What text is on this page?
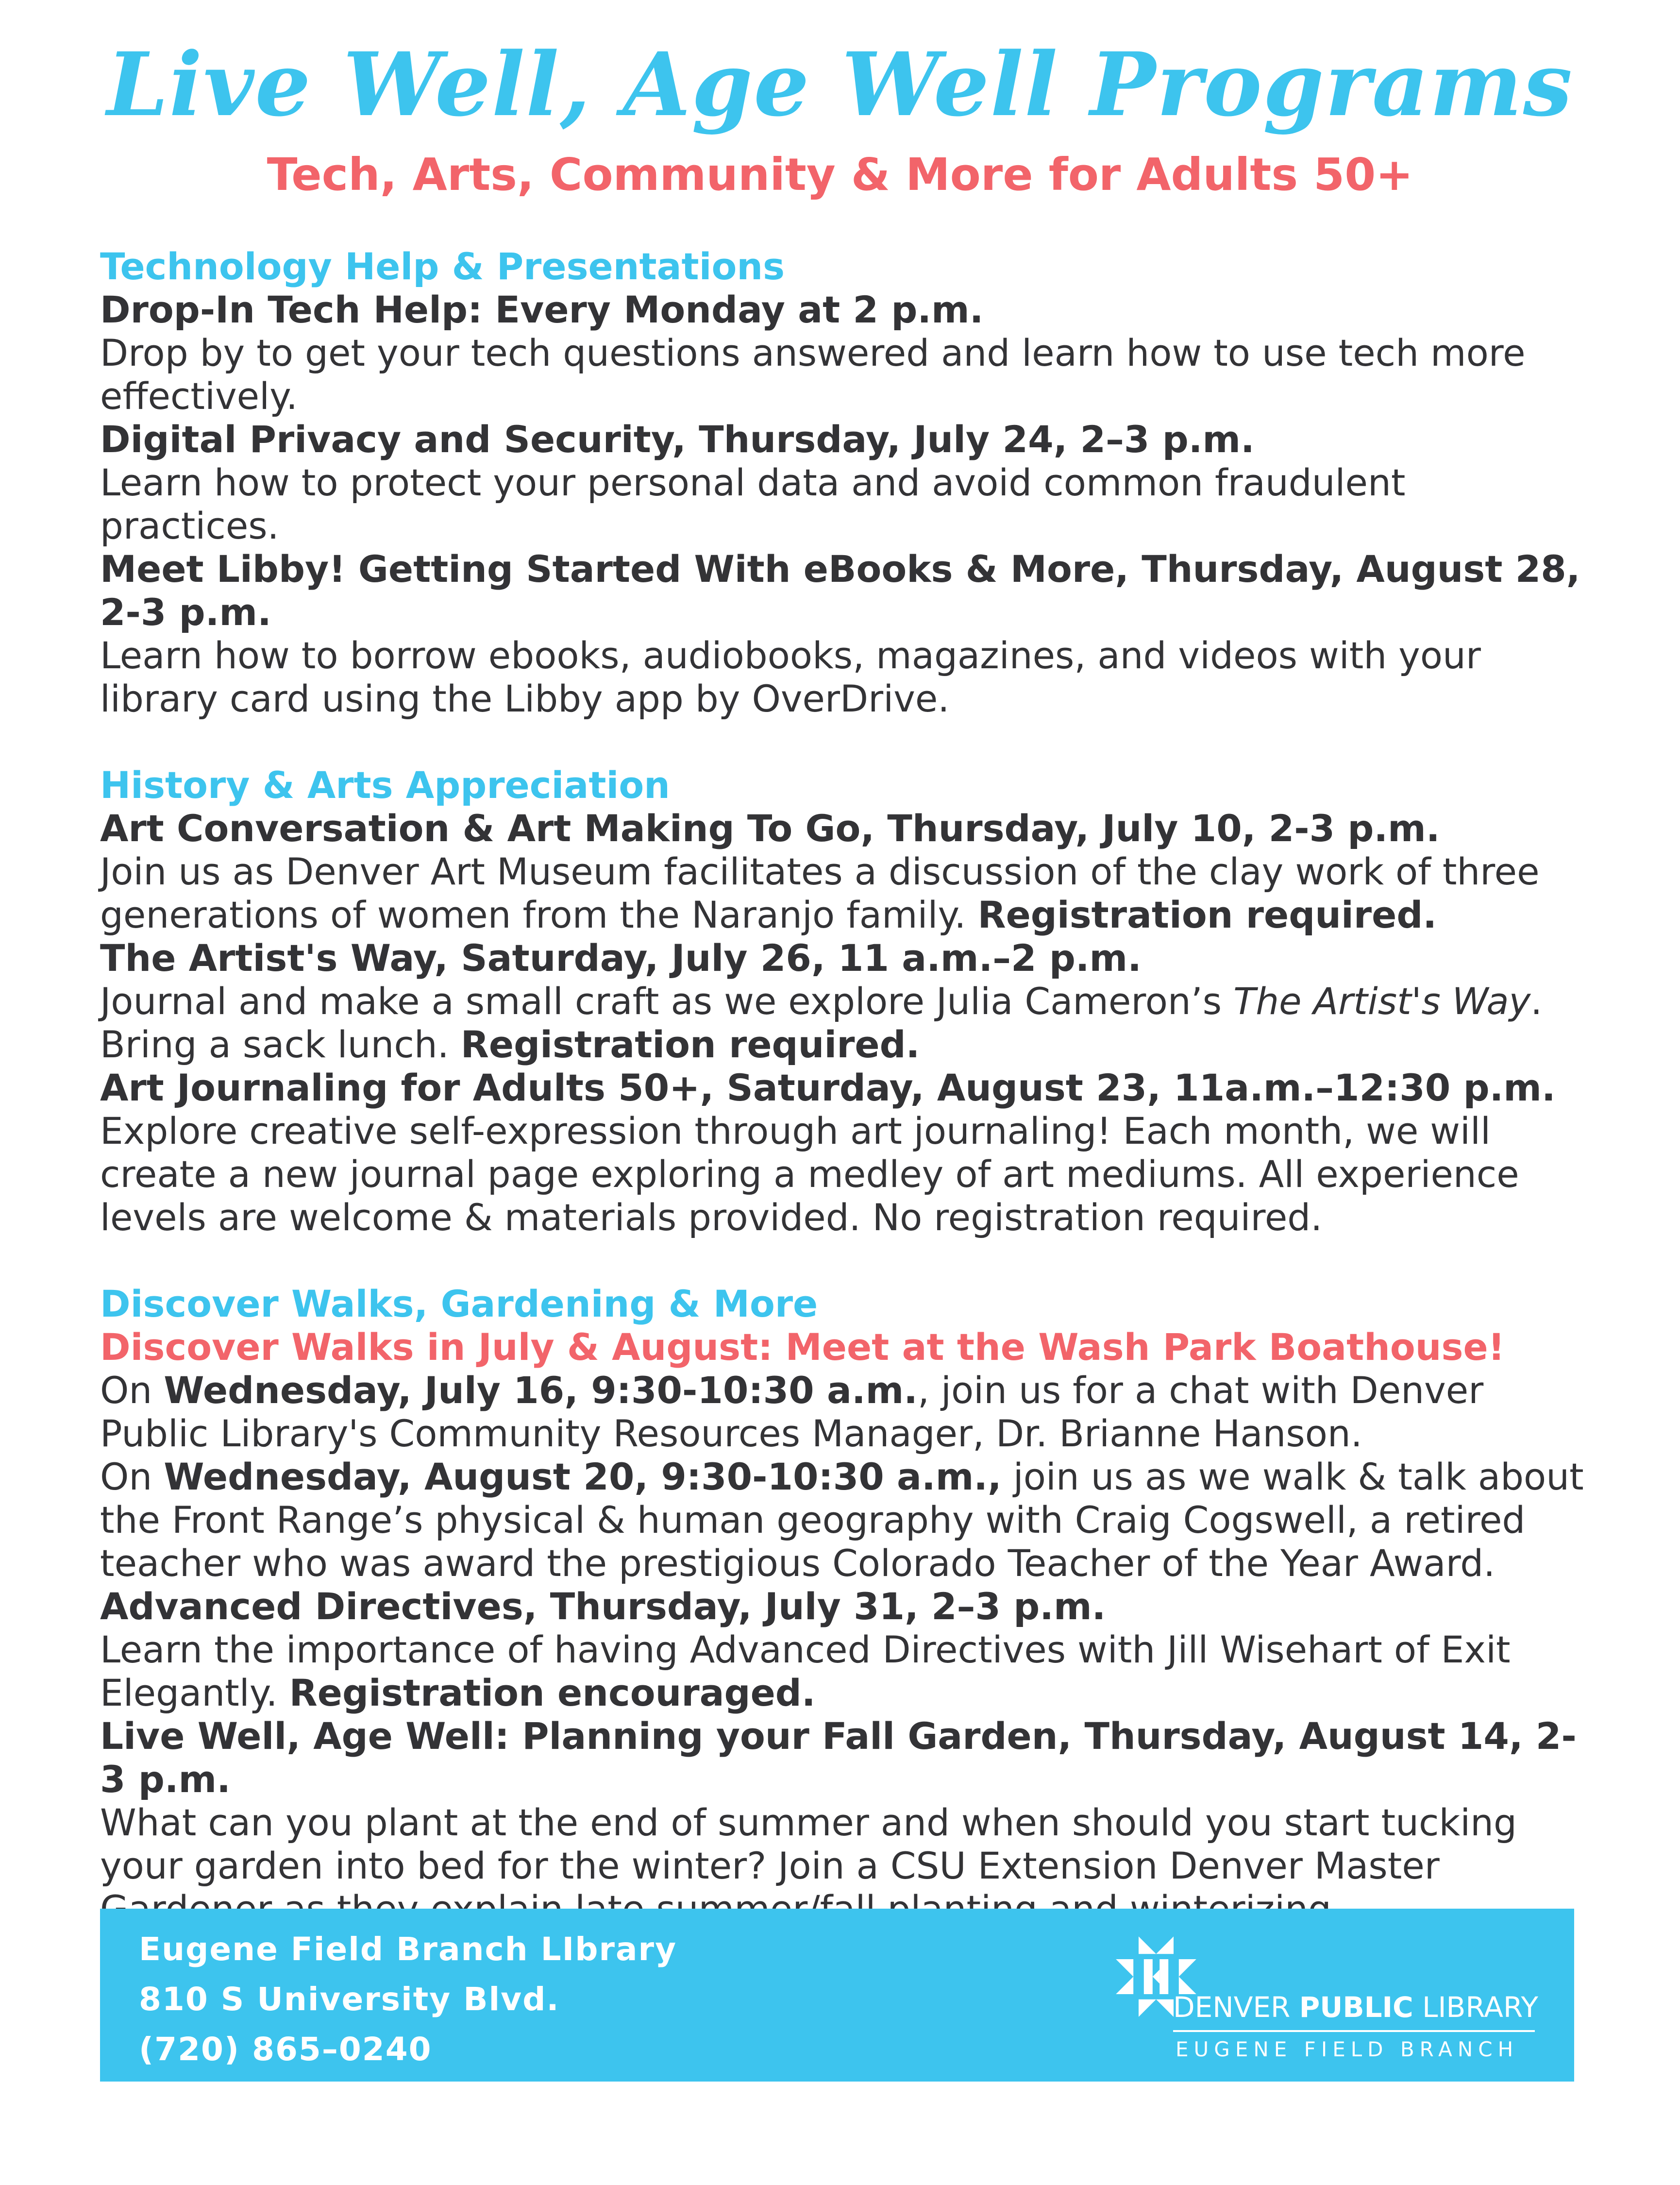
Live Well, Age Well Programs
Tech, Arts, Community & More for Adults 50+
Technology Help & Presentations
Drop-In Tech Help: Every Monday at 2 p.m.
Drop by to get your tech questions answered and learn how to use tech more effectively.
Digital Privacy and Security, Thursday, July 24, 2–3 p.m.
Learn how to protect your personal data and avoid common fraudulent practices.
Meet Libby! Getting Started With eBooks & More, Thursday, August 28, 2-3 p.m.
Learn how to borrow ebooks, audiobooks, magazines, and videos with your library card using the Libby app by OverDrive.
History & Arts Appreciation
Art Conversation & Art Making To Go, Thursday, July 10, 2-3 p.m.
Join us as Denver Art Museum facilitates a discussion of the clay work of three generations of women from the Naranjo family. Registration required.
The Artist's Way, Saturday, July 26, 11 a.m.–2 p.m.
Journal and make a small craft as we explore Julia Cameron’s The Artist's Way. Bring a sack lunch. Registration required.
Art Journaling for Adults 50+, Saturday, August 23, 11a.m.–12:30 p.m.
Explore creative self-expression through art journaling! Each month, we will create a new journal page exploring a medley of art mediums. All experience levels are welcome & materials provided. No registration required.
Discover Walks, Gardening & More
Discover Walks in July & August: Meet at the Wash Park Boathouse!
On Wednesday, July 16, 9:30-10:30 a.m., join us for a chat with Denver Public Library's Community Resources Manager, Dr. Brianne Hanson.
On Wednesday, August 20, 9:30-10:30 a.m., join us as we walk & talk about the Front Range’s physical & human geography with Craig Cogswell, a retired teacher who was award the prestigious Colorado Teacher of the Year Award.
Advanced Directives, Thursday, July 31, 2–3 p.m.
Learn the importance of having Advanced Directives with Jill Wisehart of Exit Elegantly. Registration encouraged.
Live Well, Age Well: Planning your Fall Garden, Thursday, August 14, 2-3 p.m.
What can you plant at the end of summer and when should you start tucking your garden into bed for the winter? Join a CSU Extension Denver Master
Eugene Field Branch LIbrary
810 S University Blvd.
(720) 865–0240
DENVER PUBLIC LIBRARY
EUGENE FIELD BRANCH
